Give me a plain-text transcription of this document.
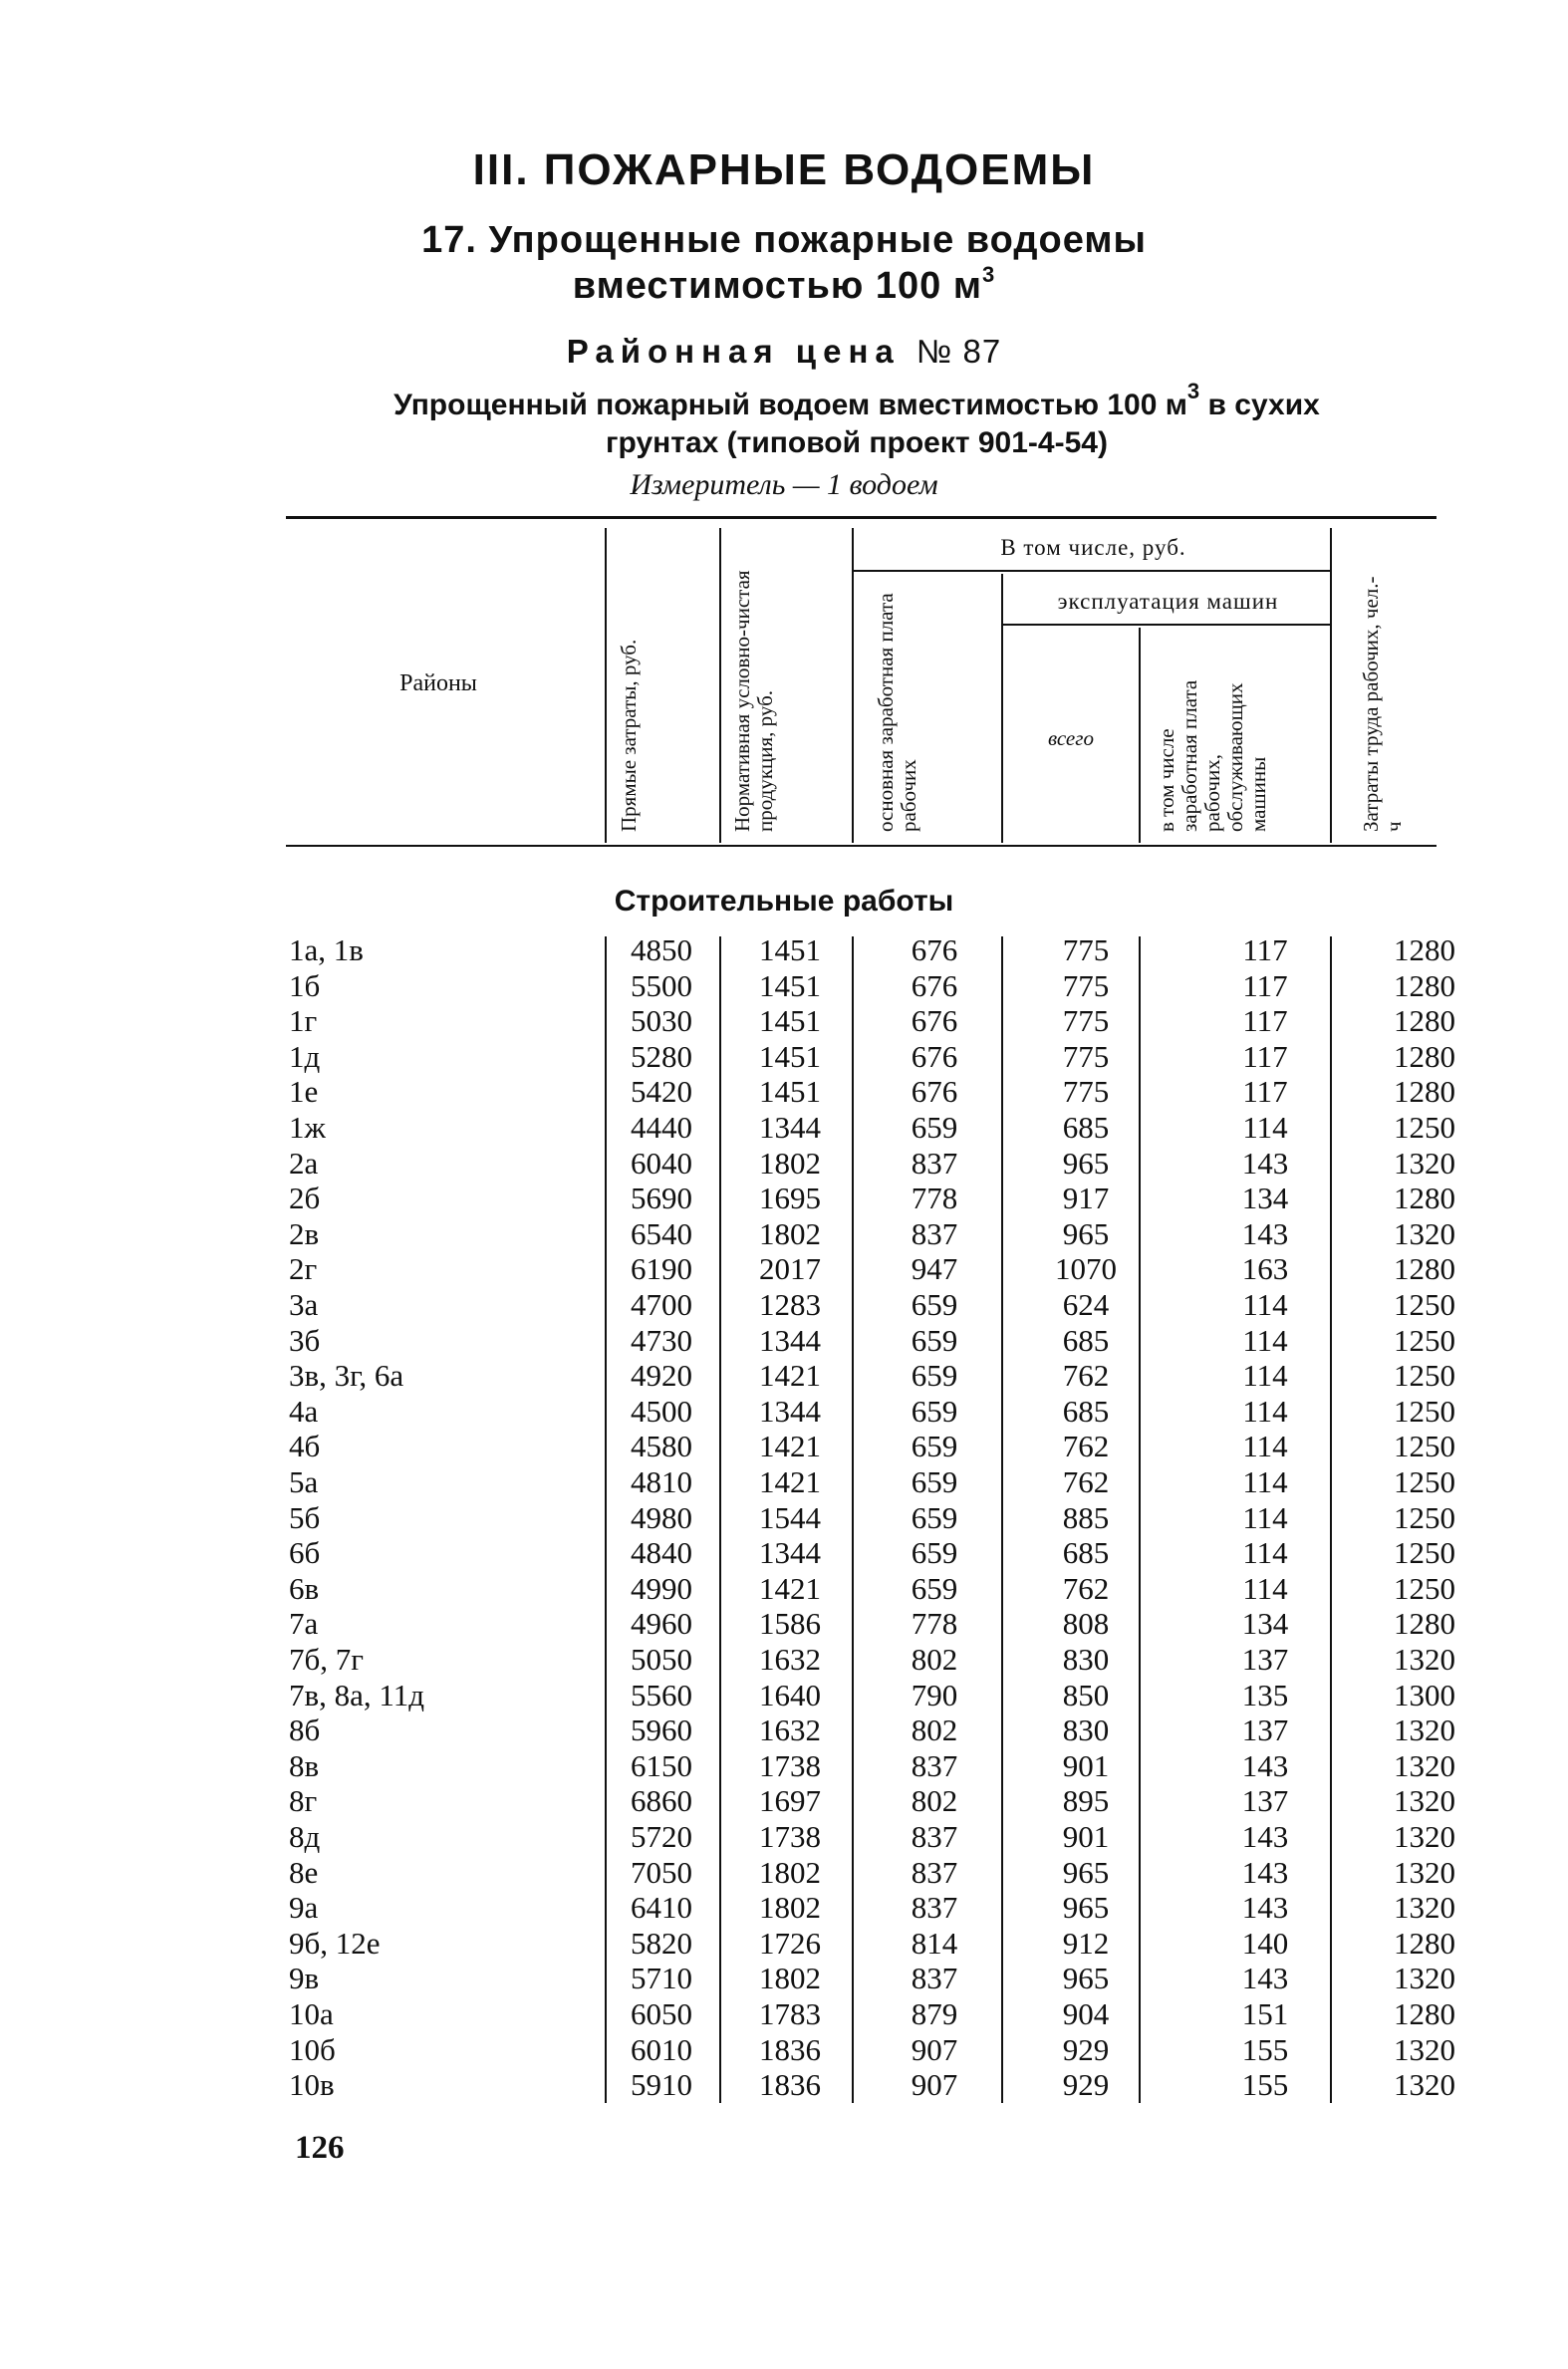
III. ПОЖАРНЫЕ ВОДОЕМЫ
17. Упрощенные пожарные водоемы
вместимостью 100 $м^3$
Районная цена № 87
Упрощенный пожарный водоем вместимостью 100 $м^3$ в сухих
грунтах (типовой проект 901-4-54)
Измеритель — 1 водоем
Районы	Прямые затраты, руб.	Нормативная условно-чистая продукция, руб.
В том числе, руб.
основная заработная плата рабочих
эксплуатация машин
всего	в том числе заработная плата рабочих, обслуживающих машины	Затраты труда рабочих, чел.-ч
Строительные работы
1а, 1в	4850	1451	676	775	117	1280
1б	5500	1451	676	775	117	1280
1г	5030	1451	676	775	117	1280
1д	5280	1451	676	775	117	1280
1е	5420	1451	676	775	117	1280
1ж	4440	1344	659	685	114	1250
2а	6040	1802	837	965	143	1320
2б	5690	1695	778	917	134	1280
2в	6540	1802	837	965	143	1320
2г	6190	2017	947	1070	163	1280
3а	4700	1283	659	624	114	1250
3б	4730	1344	659	685	114	1250
3в, 3г, 6а	4920	1421	659	762	114	1250
4а	4500	1344	659	685	114	1250
4б	4580	1421	659	762	114	1250
5а	4810	1421	659	762	114	1250
5б	4980	1544	659	885	114	1250
6б	4840	1344	659	685	114	1250
6в	4990	1421	659	762	114	1250
7а	4960	1586	778	808	134	1280
7б, 7г	5050	1632	802	830	137	1320
7в, 8а, 11д	5560	1640	790	850	135	1300
8б	5960	1632	802	830	137	1320
8в	6150	1738	837	901	143	1320
8г	6860	1697	802	895	137	1320
8д	5720	1738	837	901	143	1320
8е	7050	1802	837	965	143	1320
9а	6410	1802	837	965	143	1320
9б, 12е	5820	1726	814	912	140	1280
9в	5710	1802	837	965	143	1320
10а	6050	1783	879	904	151	1280
10б	6010	1836	907	929	155	1320
10в	5910	1836	907	929	155	1320
126
